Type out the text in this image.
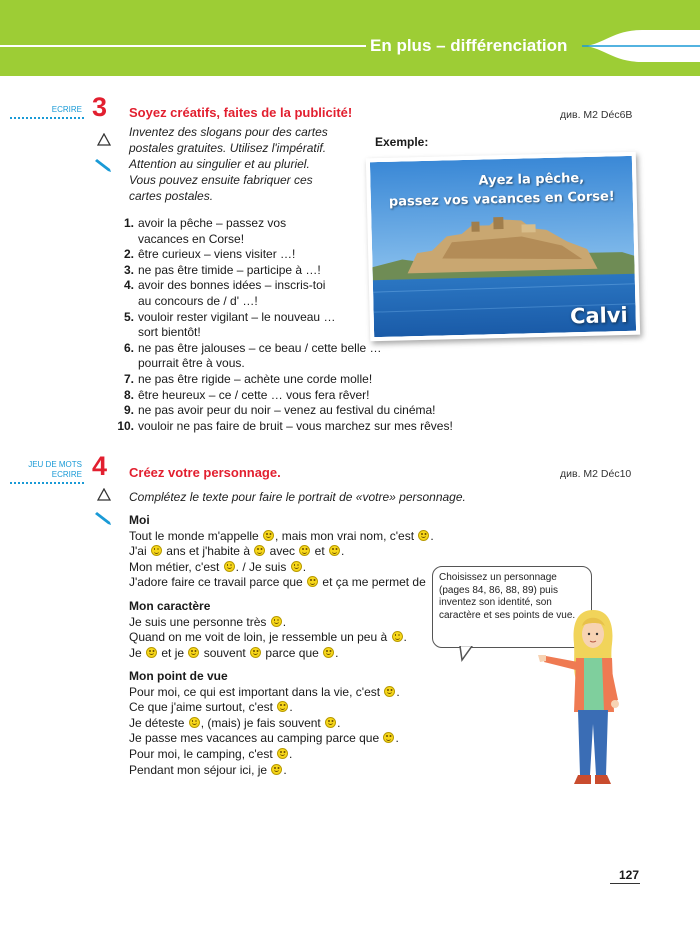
En plus – différenciation
ECRIRE 3 Soyez créatifs, faites de la publicité!	див. М2 Déc6B
Inventez des slogans pour des cartes
postales gratuites. Utilisez l'impératif.
Attention au singulier et au pluriel.
Vous pouvez ensuite fabriquer ces
cartes postales.
Exemple:
Ayez la pêche,
passez vos vacances en Corse!
Calvi
1. avoir la pêche – passez vos
vacances en Corse!
2. être curieux – viens visiter …!
3. ne pas être timide – participe à …!
4. avoir des bonnes idées – inscris-toi
au concours de / d' …!
5. vouloir rester vigilant – le nouveau …
sort bientôt!
6. ne pas être jalouses – ce beau / cette belle …
pourrait être à vous.
7. ne pas être rigide – achète une corde molle!
8. être heureux – ce / cette … vous fera rêver!
9. ne pas avoir peur du noir – venez au festival du cinéma!
10. vouloir ne pas faire de bruit – vous marchez sur mes rêves!
JEU DE MOTS
ECRIRE 4 Créez votre personnage.	див. М2 Déc10
Complétez le texte pour faire le portrait de «votre» personnage.
Moi

Tout le monde m'appelle , mais mon vrai nom, c'est .

J'ai  ans et j'habite à  avec  et .

Mon métier, c'est . / Je suis .

J'adore faire ce travail parce que  et ça me permet de

Mon caractère

Je suis une personne très .

Quand on me voit de loin, je ressemble un peu à .

Je  et je  souvent  parce que .

Mon point de vue

Pour moi, ce qui est important dans la vie, c'est .

Ce que j'aime surtout, c'est .

Je déteste , (mais) je fais souvent .

Je passe mes vacances au camping parce que .

Pour moi, le camping, c'est .

Pendant mon séjour ici, je .

Choisissez un personnage
(pages 84, 86, 88, 89) puis
inventez son identité, son
caractère et ses points de vue.
127
